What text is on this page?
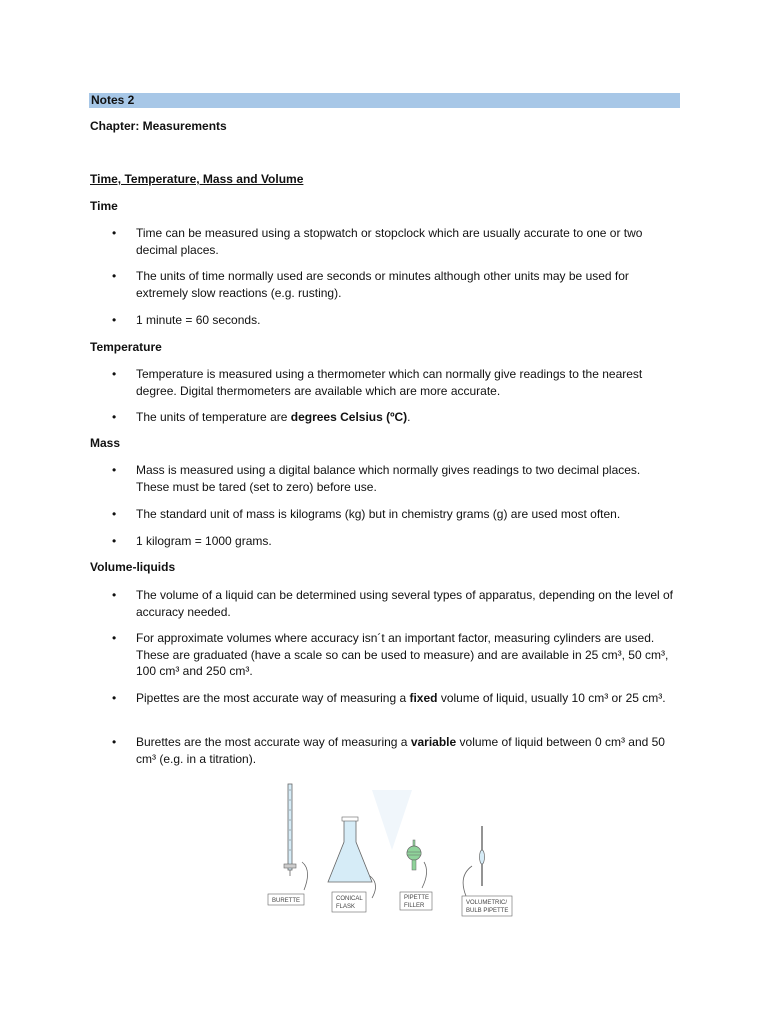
Notes 2
Chapter: Measurements
Time, Temperature, Mass and Volume
Time
• Time can be measured using a stopwatch or stopclock which are usually accurate to one or two decimal places.
• The units of time normally used are seconds or minutes although other units may be used for extremely slow reactions (e.g. rusting).
• 1 minute = 60 seconds.
Temperature
• Temperature is measured using a thermometer which can normally give readings to the nearest degree. Digital thermometers are available which are more accurate.
• The units of temperature are degrees Celsius (ºC).
Mass
• Mass is measured using a digital balance which normally gives readings to two decimal places. These must be tared (set to zero) before use.
• The standard unit of mass is kilograms (kg) but in chemistry grams (g) are used most often.
• 1 kilogram = 1000 grams.
Volume-liquids
• The volume of a liquid can be determined using several types of apparatus, depending on the level of accuracy needed.
• For approximate volumes where accuracy isn´t an important factor, measuring cylinders are used. These are graduated (have a scale so can be used to measure) and are available in 25 cm³, 50 cm³, 100 cm³ and 250 cm³.
• Pipettes are the most accurate way of measuring a fixed volume of liquid, usually 10 cm³ or 25 cm³.
• Burettes are the most accurate way of measuring a variable volume of liquid between 0 cm³ and 50 cm³ (e.g. in a titration).
BURETTE	CONICAL
FLASK
PIPETTE
FILLER	VOLUMETRIC/
BULB PIPETTE
